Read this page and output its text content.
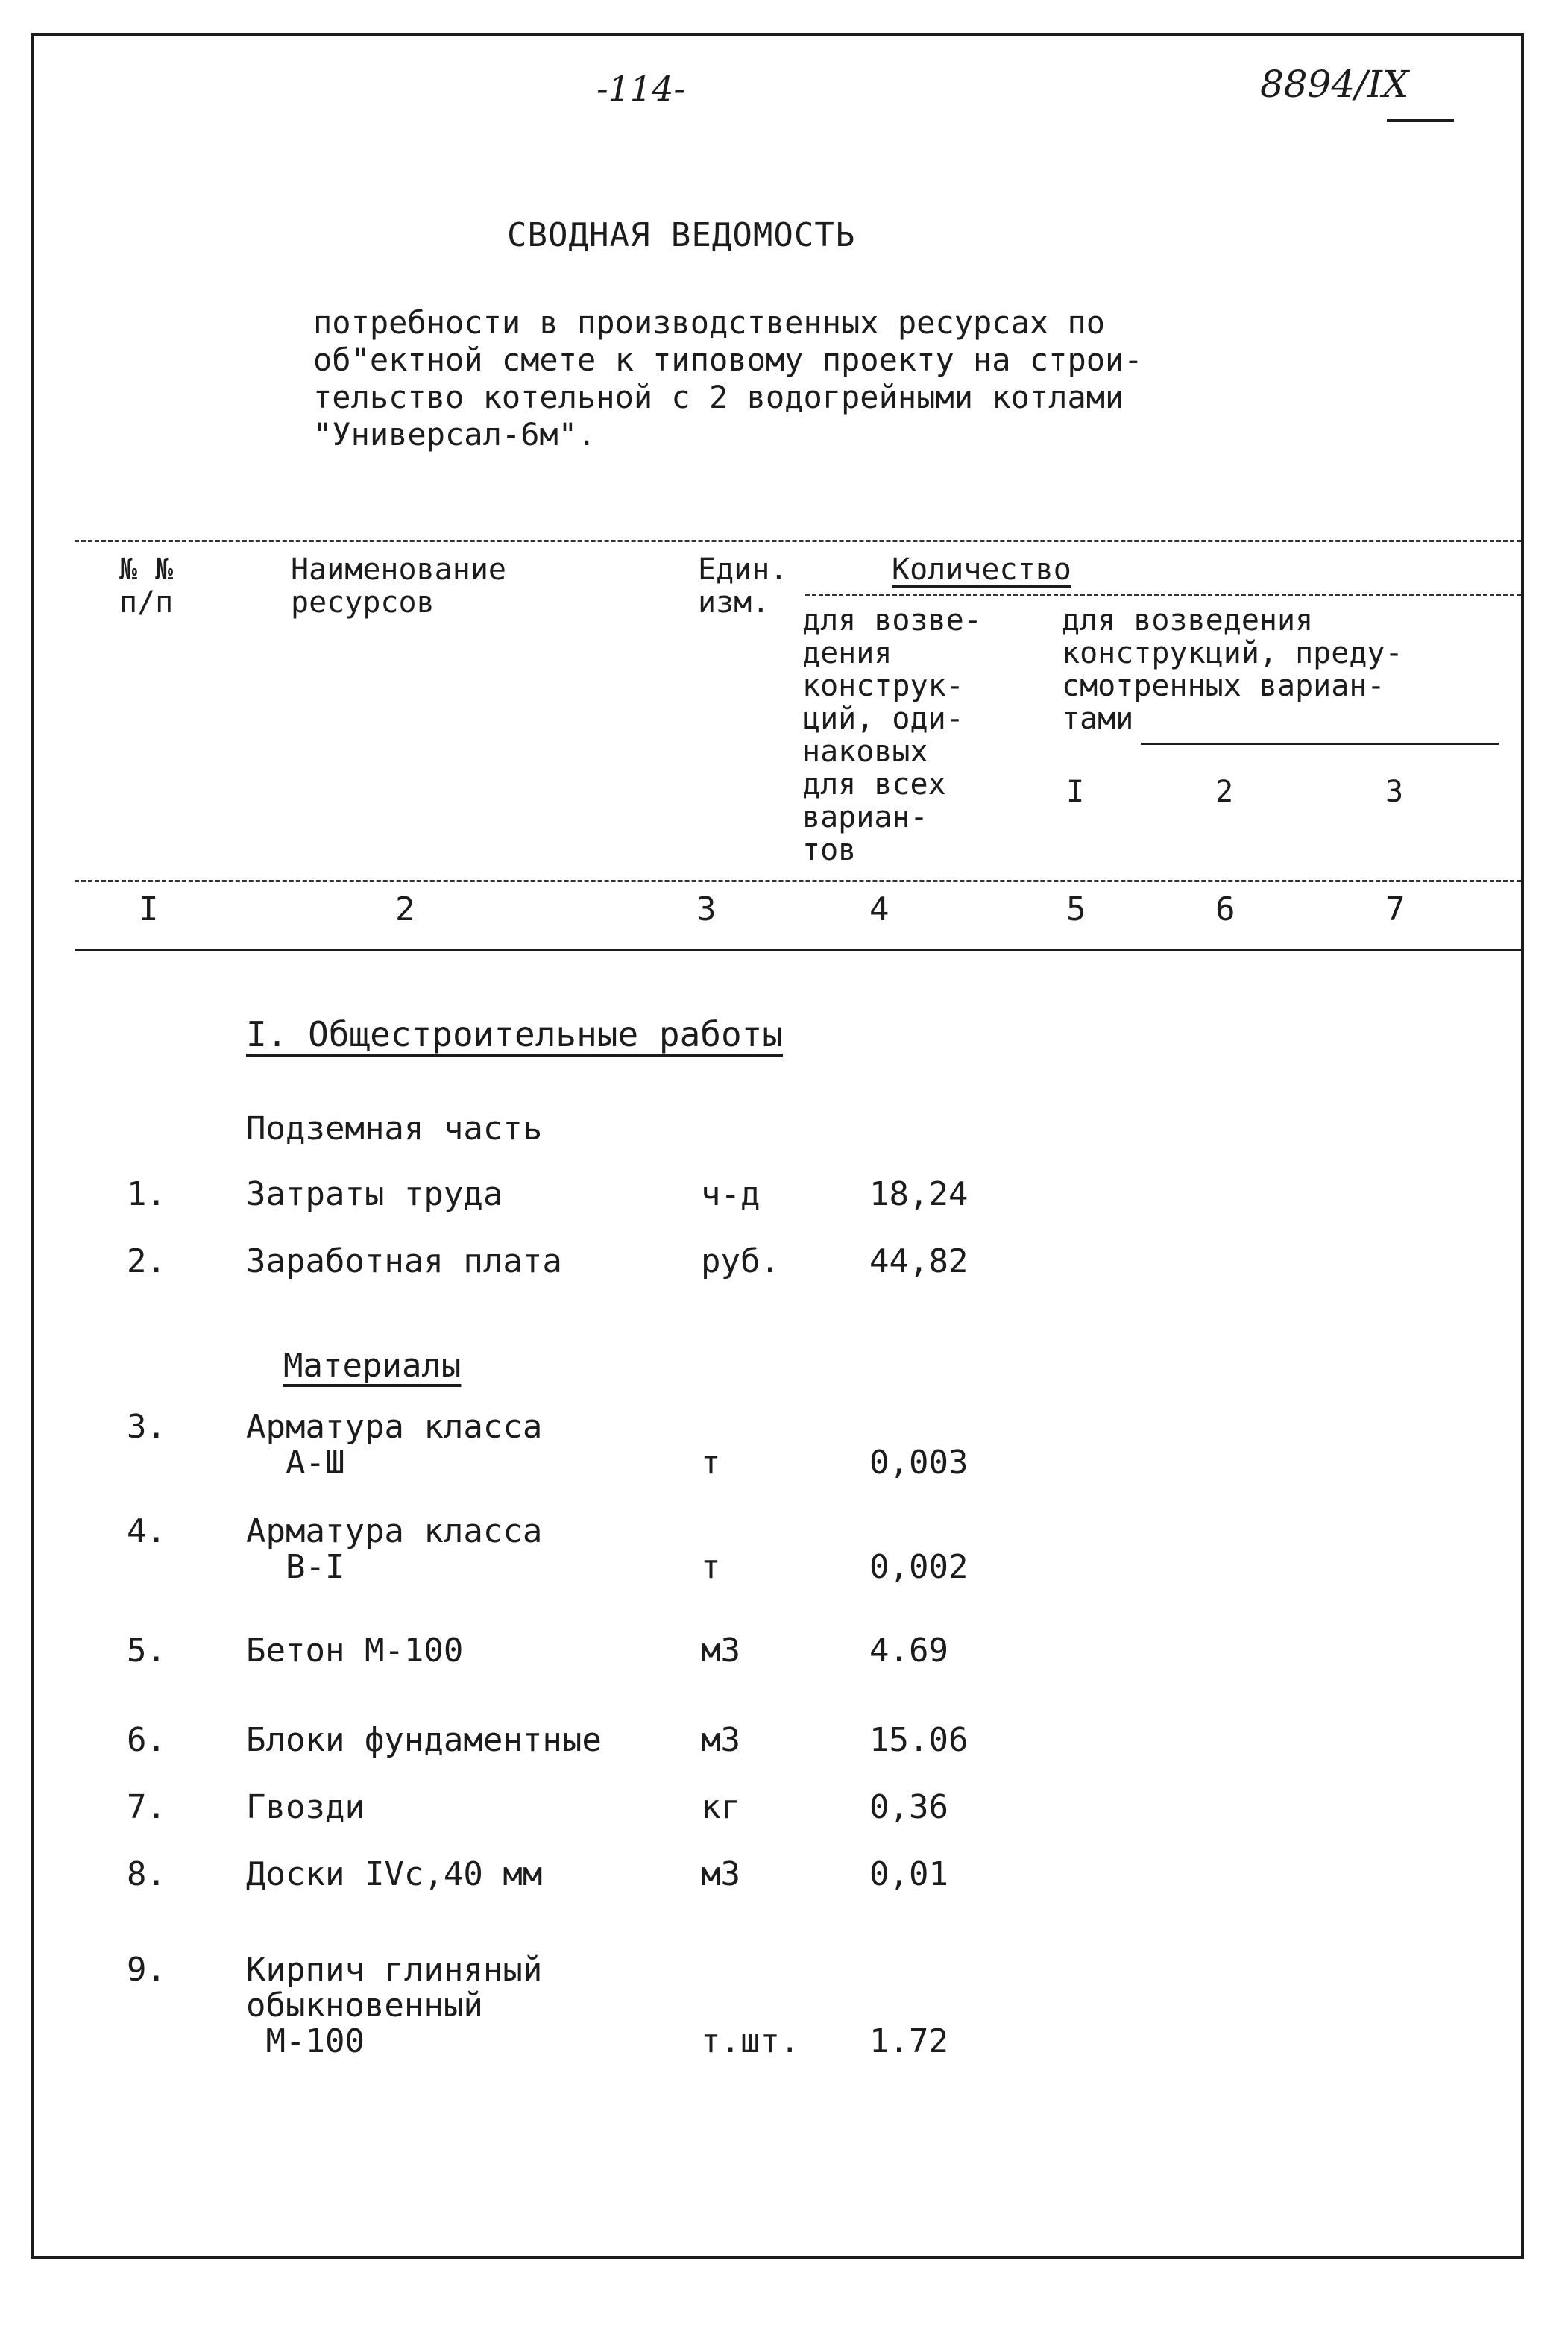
-114-	8894/IX
СВОДНАЯ ВЕДОМОСТЬ
потребности в производственных ресурсах по
об"ектной смете к типовому проекту на стрoи-
тельство котельной с 2 водогрейными котлами
"Универсал-6м".
№ №
п/п
Наименование
ресурсов
Един.
изм.
Количество
для возве-
дения
конструк-
ций, оди-
наковых
для всех
вариан-
тов
для возведения
конструкций, преду-
смотренных вариан-
тами
I	2	3
I	2	3	4	5	6	7
I. Общестроительные работы
Подземная часть
Материалы
1. Затраты труда	ч-д	18,24
2. Заработная плата	руб.	44,82
3. Арматура класса
А-Ш	т	0,003
4. Арматура класса
В-I	т	0,002
5. Бетон М-100	м3	4.69
6. Блоки фундаментные	м3	15.06
7. Гвозди	кг	0,36
8. Доски IVс,40 мм	м3	0,01
9. Кирпич глиняный
обыкновенный
М-100	т.шт. 1.72
